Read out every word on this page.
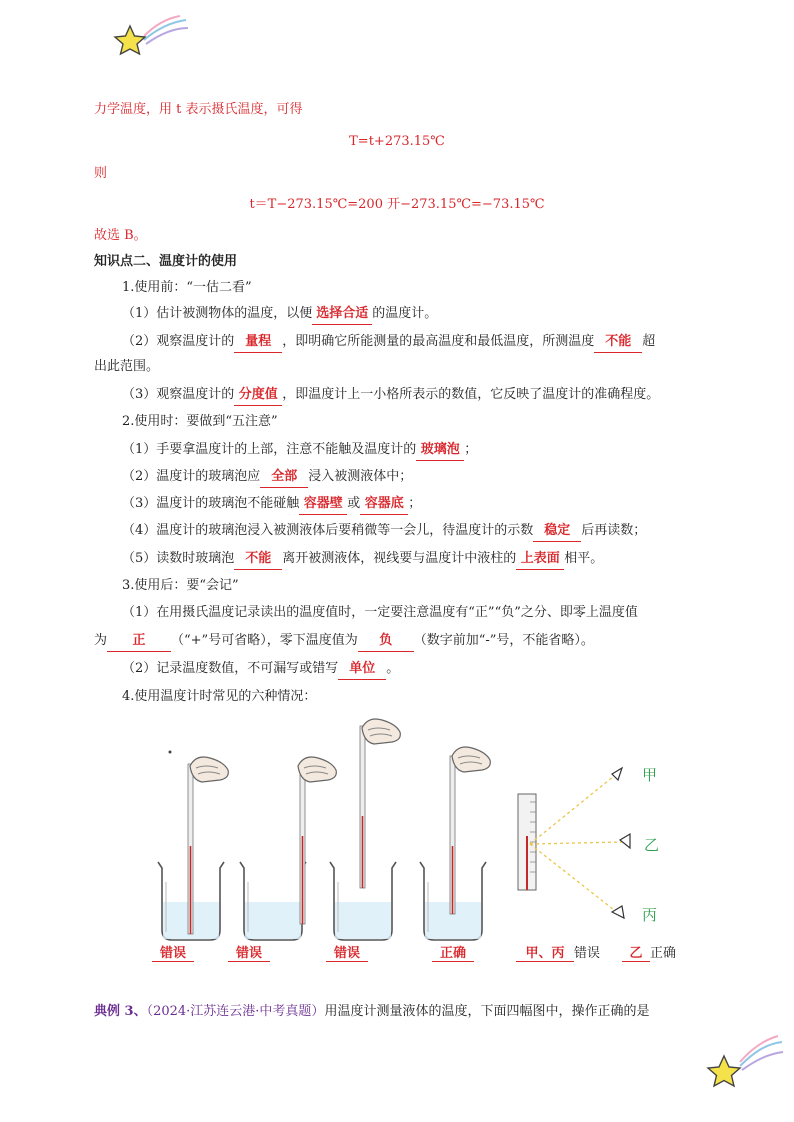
力学温度，用 t 表示摄氏温度，可得
T=t+273.15℃
则
t＝T−273.15℃=200 开−273.15℃=−73.15℃
故选 B。
知识点二、温度计的使用
1.使用前：“一估二看”
（1）估计被测物体的温度，以便 选择合适 的温度计。
（2）观察温度计的 量程 ，即明确它所能测量的最高温度和最低温度，所测温度 不能 超
出此范围。
（3）观察温度计的 分度值 ，即温度计上一小格所表示的数值，它反映了温度计的准确程度。
2.使用时：要做到“五注意”
（1）手要拿温度计的上部，注意不能触及温度计的 玻璃泡 ；
（2）温度计的玻璃泡应 全部 浸入被测液体中；
（3）温度计的玻璃泡不能碰触 容器壁 或 容器底 ；
（4）温度计的玻璃泡浸入被测液体后要稍微等一会儿，待温度计的示数 稳定 后再读数；
（5）读数时玻璃泡 不能 离开被测液体，视线要与温度计中液柱的 上表面 相平。
3.使用后：要“会记”
（1）在用摄氏温度记录读出的温度值时，一定要注意温度有“正”“负”之分、即零上温度值
为 正 （“+”号可省略），零下温度值为 负 （数字前加“-”号，不能省略）。
（2）记录温度数值，不可漏写或错写 单位 。
4.使用温度计时常见的六种情况：
甲
乙
丙
错误	错误	错误	正确	甲、丙 错误	乙 正确
典例 3、（2024·江苏连云港·中考真题）用温度计测量液体的温度，下面四幅图中，操作正确的是
